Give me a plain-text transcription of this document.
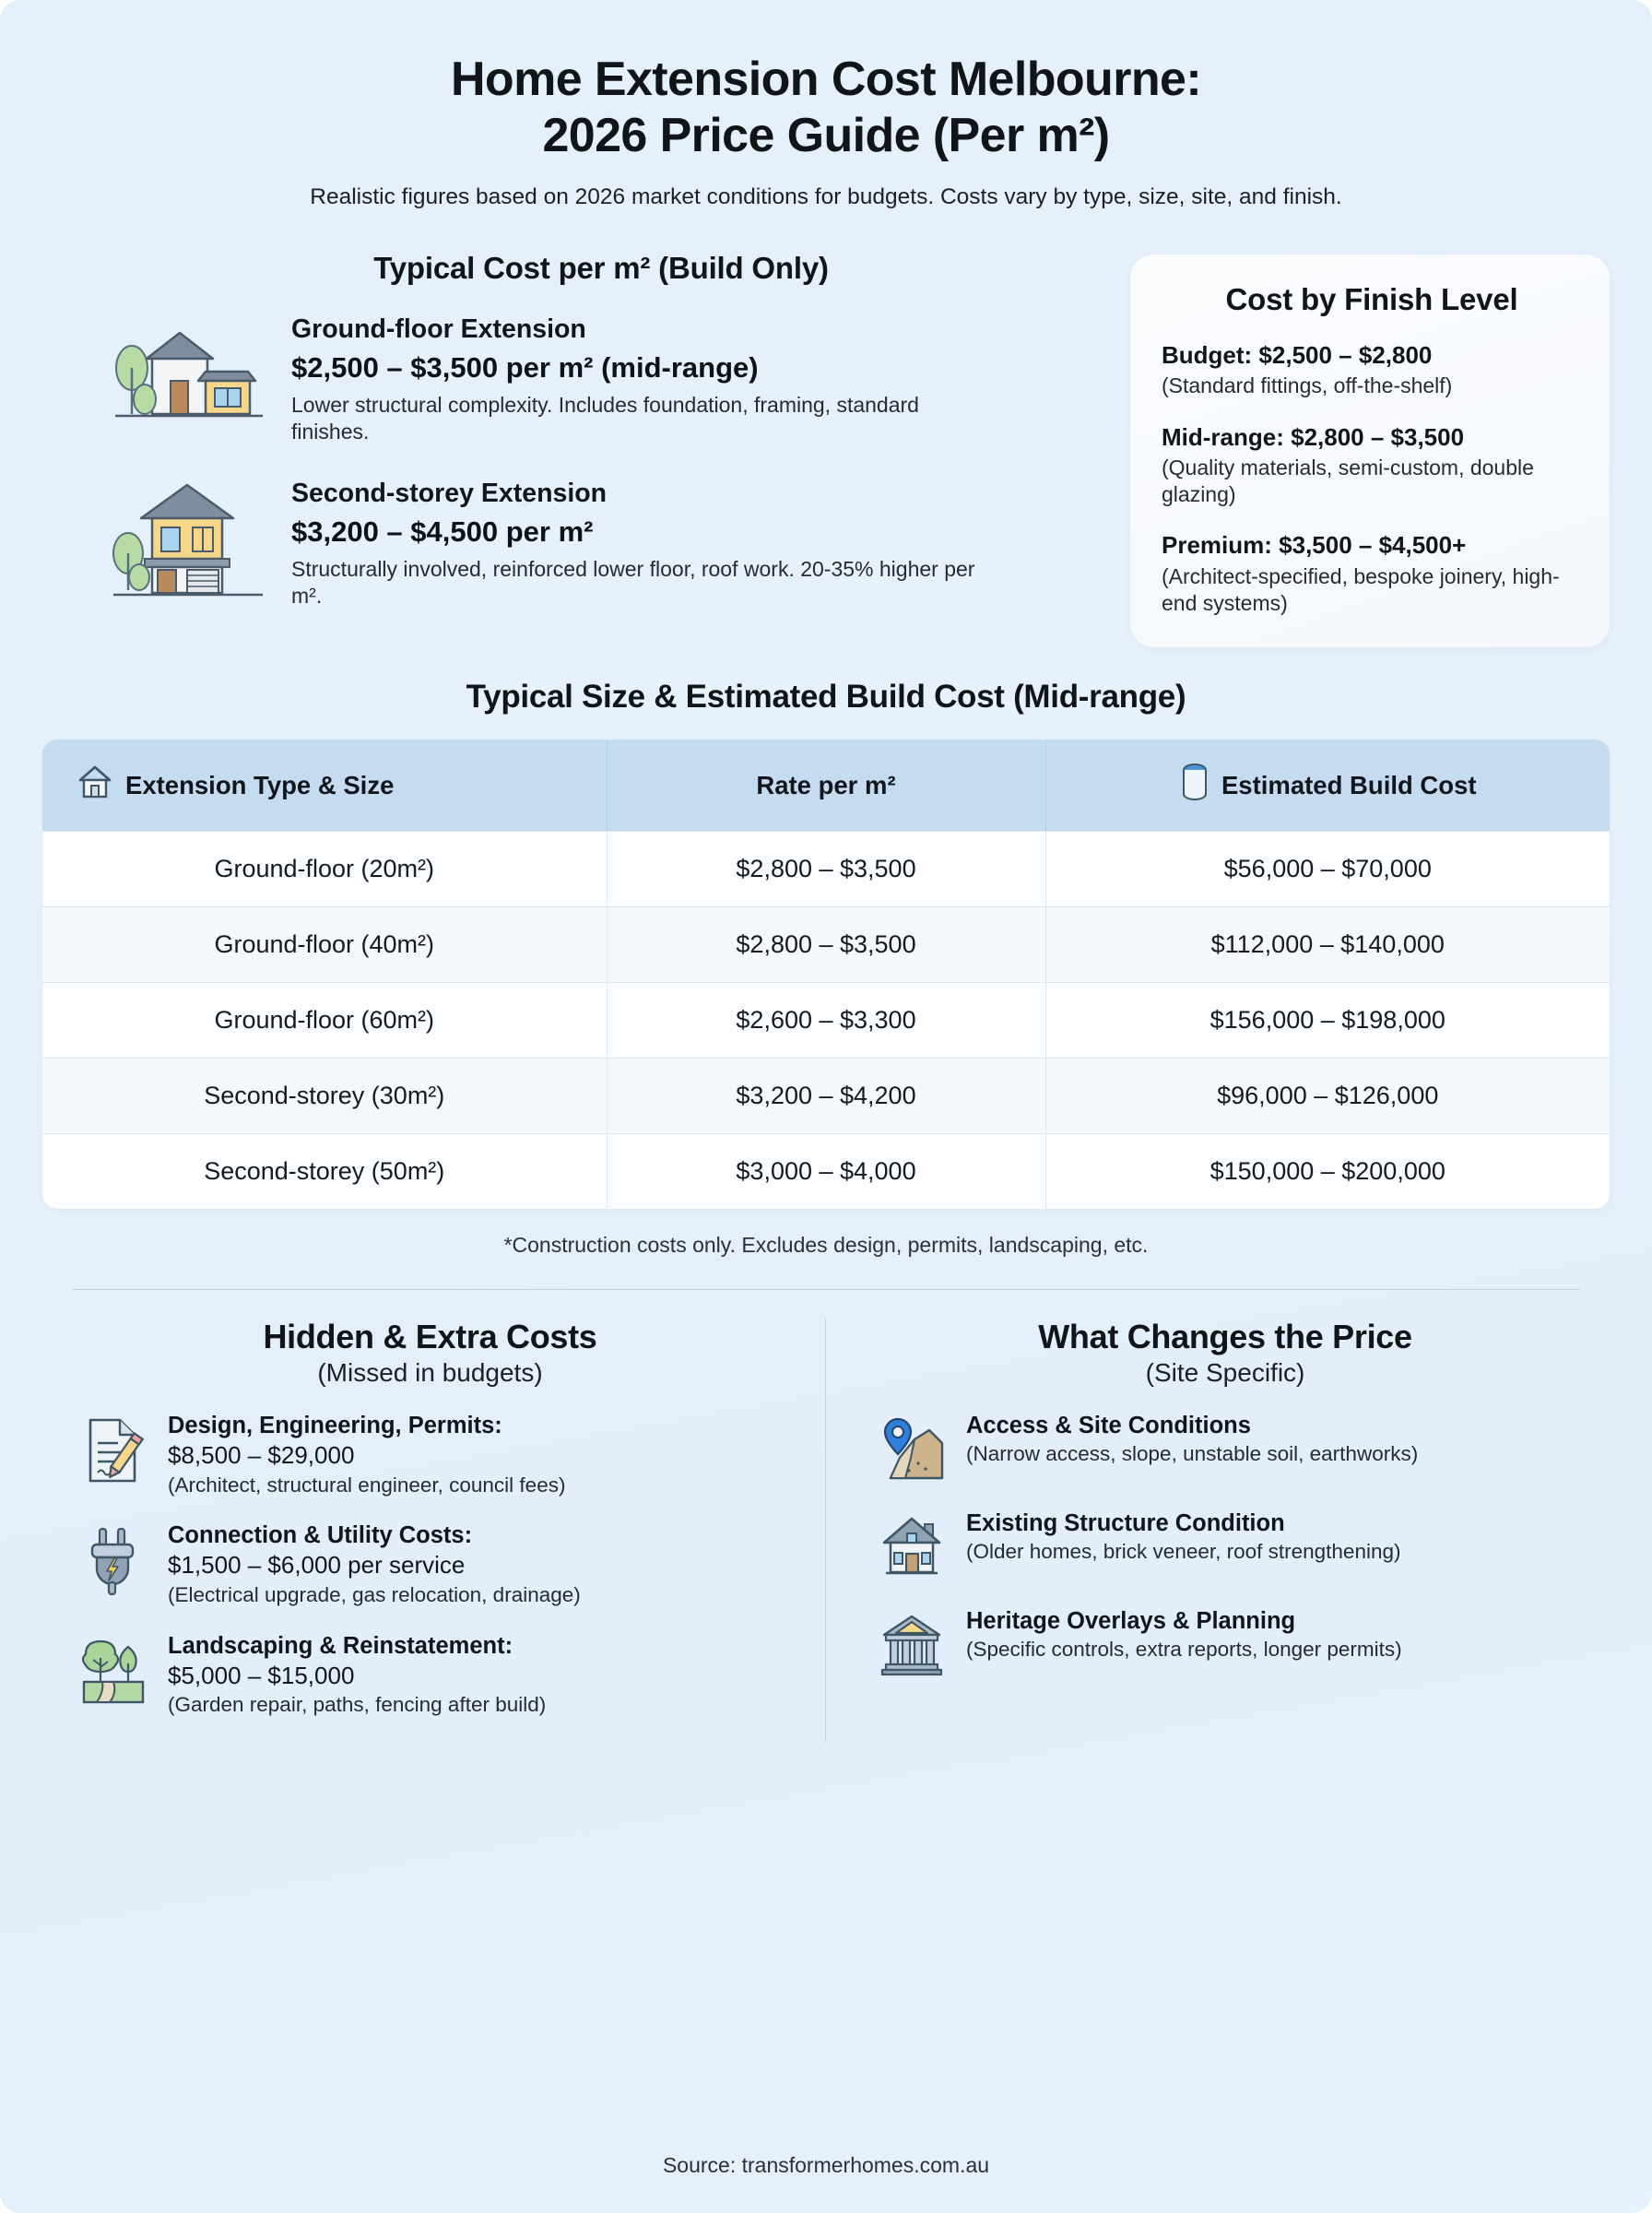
Home Extension Cost Melbourne:
2026 Price Guide (Per m²)

Realistic figures based on 2026 market conditions for budgets. Costs vary by type, size, site, and finish.

Typical Cost per m² (Build Only)
Ground-floor Extension
$2,500 – $3,500 per m² (mid-range)
Lower structural complexity. Includes foundation, framing, standard finishes.
Second-storey Extension
$3,200 – $4,500 per m²
Structurally involved, reinforced lower floor, roof work. 20-35% higher per m².
Cost by Finish Level
Budget: $2,500 – $2,800
(Standard fittings, off-the-shelf)
Mid-range: $2,800 – $3,500
(Quality materials, semi-custom, double glazing)
Premium: $3,500 – $4,500+
(Architect-specified, bespoke joinery, high-end systems)
Typical Size & Estimated Build Cost (Mid-range)
Extension Type & Size	Rate per m²	Estimated Build Cost

Ground-floor (20m²)	$2,800 – $3,500	$56,000 – $70,000
Ground-floor (40m²)	$2,800 – $3,500	$112,000 – $140,000
Ground-floor (60m²)	$2,600 – $3,300	$156,000 – $198,000
Second-storey (30m²)	$3,200 – $4,200	$96,000 – $126,000
Second-storey (50m²)	$3,000 – $4,000	$150,000 – $200,000
*Construction costs only. Excludes design, permits, landscaping, etc.
Hidden & Extra Costs
(Missed in budgets)
Design, Engineering, Permits:
$8,500 – $29,000
(Architect, structural engineer, council fees)
Connection & Utility Costs:
$1,500 – $6,000 per service
(Electrical upgrade, gas relocation, drainage)
Landscaping & Reinstatement:
$5,000 – $15,000
(Garden repair, paths, fencing after build)
What Changes the Price
(Site Specific)
Access & Site Conditions
(Narrow access, slope, unstable soil, earthworks)
Existing Structure Condition
(Older homes, brick veneer, roof strengthening)
Heritage Overlays & Planning
(Specific controls, extra reports, longer permits)
Source: transformerhomes.com.au
